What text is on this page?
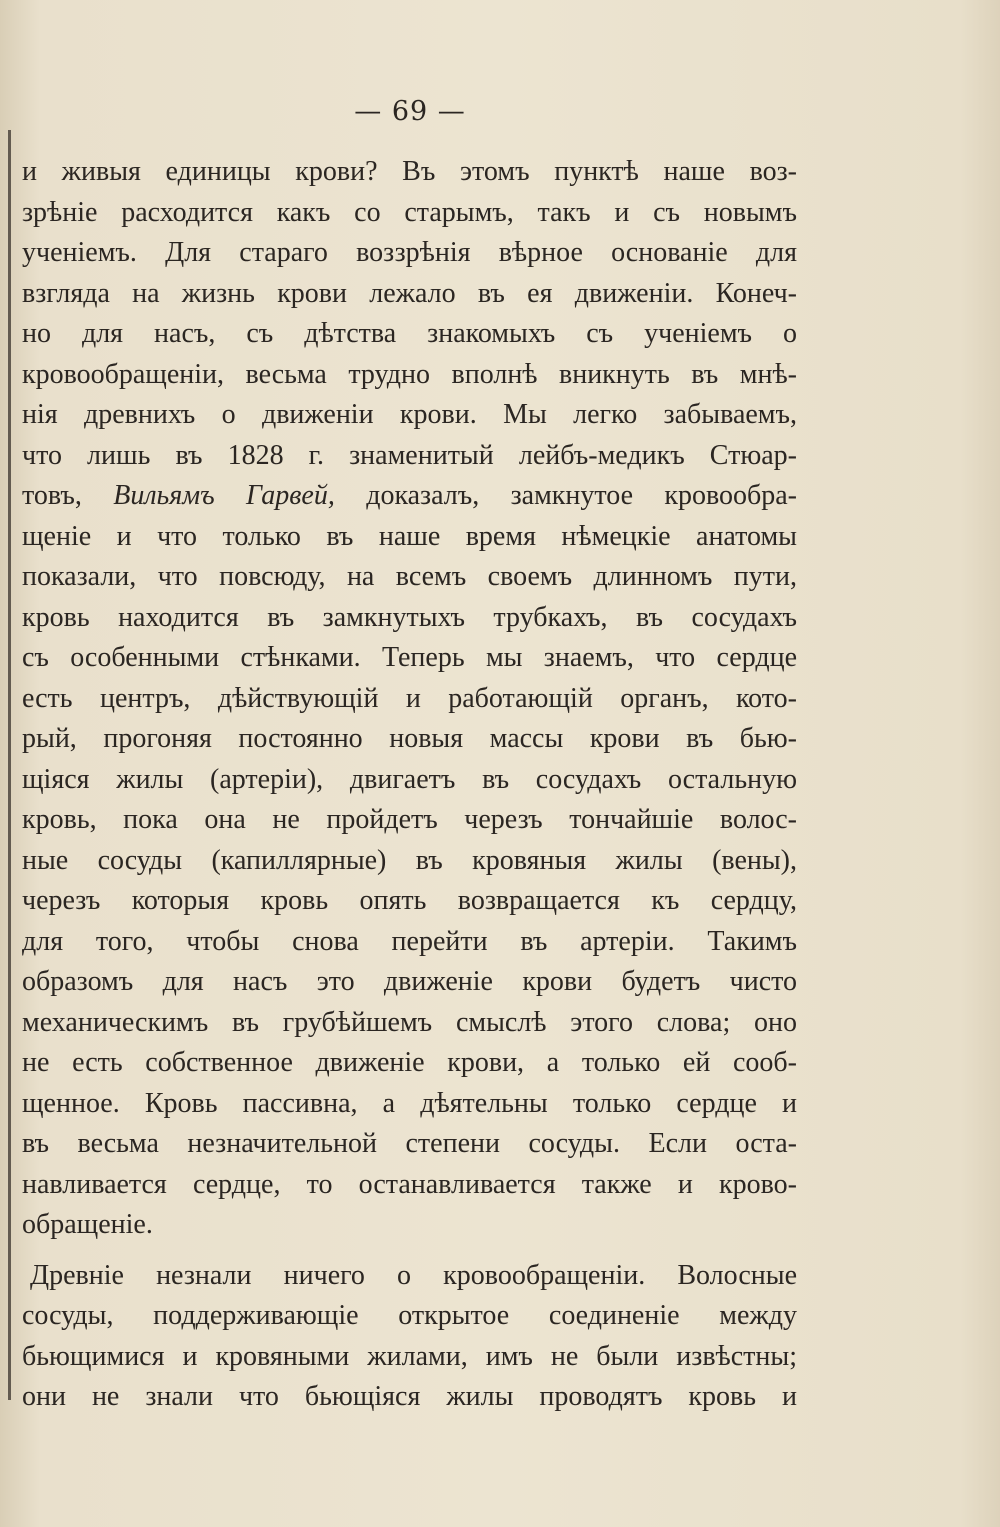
— 69 —
и живыя единицы крови? Въ этомъ пунктѣ наше воз-
зрѣніе расходится какъ со старымъ, такъ и съ новымъ
ученіемъ. Для стараго воззрѣнія вѣрное основаніе для
взгляда на жизнь крови лежало въ ея движеніи. Конеч-
но для насъ, съ дѣтства знакомыхъ съ ученіемъ о
кровообращеніи, весьма трудно вполнѣ вникнуть въ мнѣ-
нія древнихъ о движеніи крови. Мы легко забываемъ,
что лишь въ 1828 г. знаменитый лейбъ-медикъ Стюар-
товъ, Вильямъ Гарвей, доказалъ, замкнутое кровообра-
щеніе и что только въ наше время нѣмецкіе анатомы
показали, что повсюду, на всемъ своемъ длинномъ пути,
кровь находится въ замкнутыхъ трубкахъ, въ сосудахъ
съ особенными стѣнками. Теперь мы знаемъ, что сердце
есть центръ, дѣйствующій и работающій органъ, кото-
рый, прогоняя постоянно новыя массы крови въ бью-
щіяся жилы (артеріи), двигаетъ въ сосудахъ остальную
кровь, пока она не пройдетъ черезъ тончайшіе волос-
ные сосуды (капиллярные) въ кровяныя жилы (вены),
черезъ которыя кровь опять возвращается къ сердцу,
для того, чтобы снова перейти въ артеріи. Такимъ
образомъ для насъ это движеніе крови будетъ чисто
механическимъ въ грубѣйшемъ смыслѣ этого слова; оно
не есть собственное движеніе крови, а только ей сооб-
щенное. Кровь пассивна, а дѣятельны только сердце и
въ весьма незначительной степени сосуды. Если оста-
навливается сердце, то останавливается также и крово-
обращеніе.
Древніе незнали ничего о кровообращеніи. Волосные
сосуды, поддерживающіе открытое соединеніе между
бьющимися и кровяными жилами, имъ не были извѣстны;
они не знали что бьющіяся жилы проводятъ кровь и
